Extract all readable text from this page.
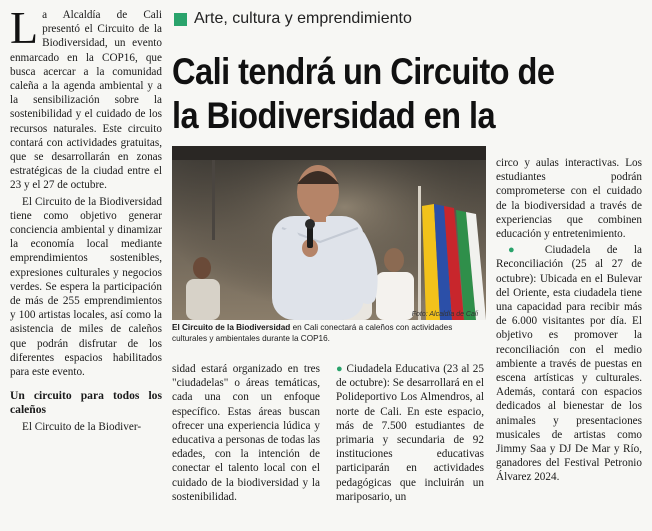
La Alcaldía de Cali presentó el Circuito de la Biodiversidad, un evento enmarcado en la COP16, que busca acercar a la comunidad caleña a la agenda ambiental y a la sensibilización sobre la sostenibilidad y el cuidado de los recursos naturales. Este circuito contará con actividades gratuitas, que se desarrollarán en zonas estratégicas de la ciudad entre el 23 y el 27 de octubre.

El Circuito de la Biodiversidad tiene como objetivo generar conciencia ambiental y dinamizar la economía local mediante emprendimientos sostenibles, expresiones culturales y negocios verdes. Se espera la participación de más de 255 emprendimientos y 100 artistas locales, así como la asistencia de miles de caleños que podrán disfrutar de los diferentes espacios habilitados para este evento.

Un circuito para todos los caleños

El Circuito de la Biodiver-

Arte, cultura y emprendimiento
Cali tendrá un Circuito de la Biodiversidad en la
Foto: Alcaldía de Cali
El Circuito de la Biodiversidad en Cali conectará a caleños con actividades culturales y ambientales durante la COP16.

sidad estará organizado en tres "ciudadelas" o áreas temáticas, cada una con un enfoque específico. Estas áreas buscan ofrecer una experiencia lúdica y educativa a personas de todas las edades, con la intención de conectar el talento local con el cuidado de la biodiversidad y la sostenibilidad.

● Ciudadela Educativa (23 al 25 de octubre): Se desarrollará en el Polideportivo Los Almendros, al norte de Cali. En este espacio, más de 7.500 estudiantes de primaria y secundaria de 92 instituciones educativas participarán en actividades pedagógicas que incluirán un mariposario, un

circo y aulas interactivas. Los estudiantes podrán comprometerse con el cuidado de la biodiversidad a través de experiencias que combinen educación y entretenimiento.

● Ciudadela de la Reconciliación (25 al 27 de octubre): Ubicada en el Bulevar del Oriente, esta ciudadela tiene una capacidad para recibir más de 6.000 visitantes por día. El objetivo es promover la reconciliación con el medio ambiente a través de puestas en escena artísticas y culturales. Además, contará con espacios dedicados al bienestar de los animales y presentaciones musicales de artistas como Jimmy Saa y DJ De Mar y Río, ganadores del Festival Petronio Álvarez 2024.
